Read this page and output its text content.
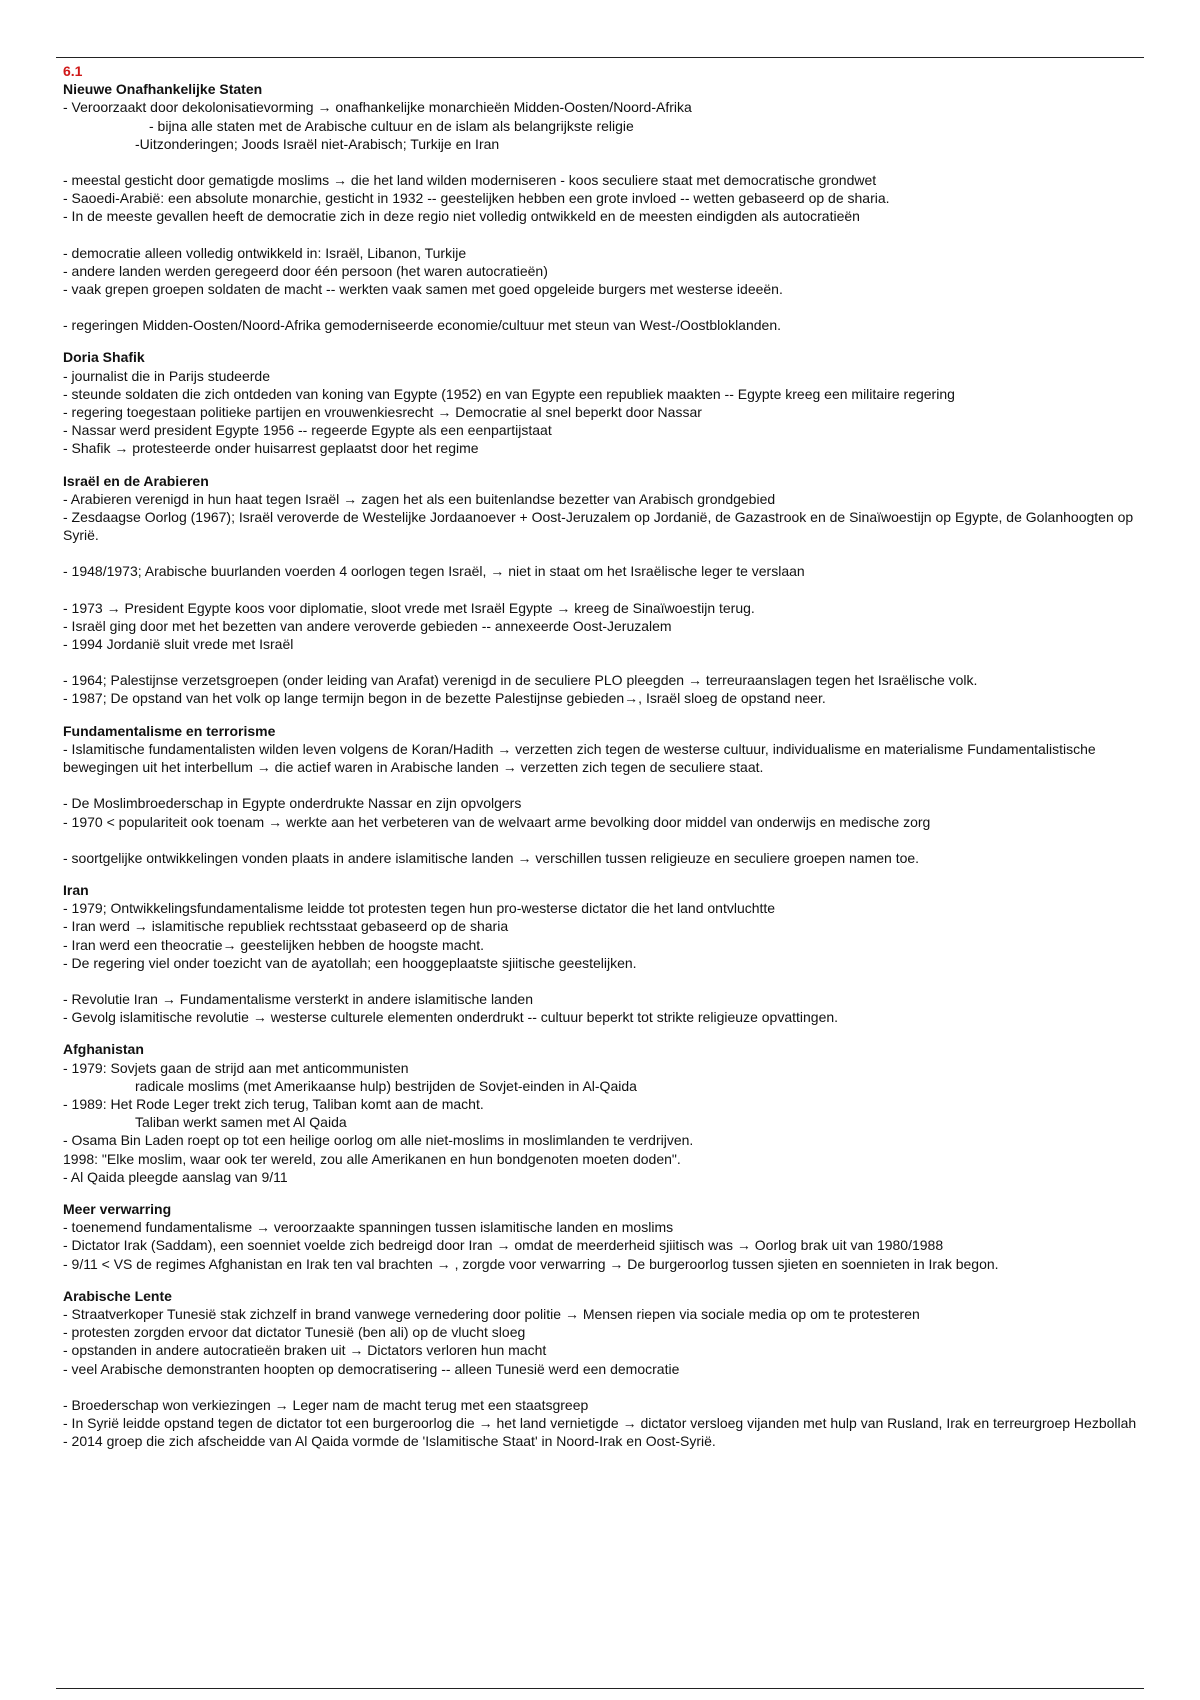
6.1
Nieuwe Onafhankelijke Staten
- Veroorzaakt door dekolonisatievorming → onafhankelijke monarchieën Midden-Oosten/Noord-Afrika
- bijna alle staten met de Arabische cultuur en de islam als belangrijkste religie
-Uitzonderingen; Joods Israël niet-Arabisch; Turkije en Iran
- meestal gesticht door gematigde moslims → die het land wilden moderniseren - koos seculiere staat met democratische grondwet
- Saoedi-Arabië: een absolute monarchie, gesticht in 1932 -- geestelijken hebben een grote invloed -- wetten gebaseerd op de sharia.
- In de meeste gevallen heeft de democratie zich in deze regio niet volledig ontwikkeld en de meesten eindigden als autocratieën
- democratie alleen volledig ontwikkeld in: Israël, Libanon, Turkije
- andere landen werden geregeerd door één persoon (het waren autocratieën)
- vaak grepen groepen soldaten de macht -- werkten vaak samen met goed opgeleide burgers met westerse ideeën.
- regeringen Midden-Oosten/Noord-Afrika gemoderniseerde economie/cultuur met steun van West-/Oostbloklanden.
Doria Shafik
- journalist die in Parijs studeerde
- steunde soldaten die zich ontdeden van koning van Egypte (1952) en van Egypte een republiek maakten -- Egypte kreeg een militaire regering
- regering toegestaan politieke partijen en vrouwenkiesrecht → Democratie al snel beperkt door Nassar
- Nassar werd president Egypte 1956 -- regeerde Egypte als een eenpartijstaat
- Shafik → protesteerde onder huisarrest geplaatst door het regime
Israël en de Arabieren
- Arabieren verenigd in hun haat tegen Israël → zagen het als een buitenlandse bezetter van Arabisch grondgebied
- Zesdaagse Oorlog (1967); Israël veroverde de Westelijke Jordaanoever + Oost-Jeruzalem op Jordanië, de Gazastrook en de Sinaïwoestijn op Egypte, de Golanhoogten op Syrië.
- 1948/1973; Arabische buurlanden voerden 4 oorlogen tegen Israël, → niet in staat om het Israëlische leger te verslaan
- 1973 → President Egypte koos voor diplomatie, sloot vrede met Israël Egypte → kreeg de Sinaïwoestijn terug.
- Israël ging door met het bezetten van andere veroverde gebieden -- annexeerde Oost-Jeruzalem
- 1994 Jordanië sluit vrede met Israël
- 1964; Palestijnse verzetsgroepen (onder leiding van Arafat) verenigd in de seculiere PLO pleegden → terreuraanslagen tegen het Israëlische volk.
- 1987; De opstand van het volk op lange termijn begon in de bezette Palestijnse gebieden→, Israël sloeg de opstand neer.
Fundamentalisme en terrorisme
- Islamitische fundamentalisten wilden leven volgens de Koran/Hadith → verzetten zich tegen de westerse cultuur, individualisme en materialisme Fundamentalistische bewegingen uit het interbellum → die actief waren in Arabische landen → verzetten zich tegen de seculiere staat.
- De Moslimbroederschap in Egypte onderdrukte Nassar en zijn opvolgers
- 1970 < populariteit ook toenam → werkte aan het verbeteren van de welvaart arme bevolking door middel van onderwijs en medische zorg
- soortgelijke ontwikkelingen vonden plaats in andere islamitische landen → verschillen tussen religieuze en seculiere groepen namen toe.
Iran
- 1979; Ontwikkelingsfundamentalisme leidde tot protesten tegen hun pro-westerse dictator die het land ontvluchtte
- Iran werd → islamitische republiek rechtsstaat gebaseerd op de sharia
- Iran werd een theocratie→ geestelijken hebben de hoogste macht.
- De regering viel onder toezicht van de ayatollah; een hooggeplaatste sjiitische geestelijken.
- Revolutie Iran → Fundamentalisme versterkt in andere islamitische landen
- Gevolg islamitische revolutie → westerse culturele elementen onderdrukt -- cultuur beperkt tot strikte religieuze opvattingen.
Afghanistan
- 1979: Sovjets gaan de strijd aan met anticommunisten
radicale moslims (met Amerikaanse hulp) bestrijden de Sovjet-einden in Al-Qaida
- 1989: Het Rode Leger trekt zich terug, Taliban komt aan de macht.
Taliban werkt samen met Al Qaida
- Osama Bin Laden roept op tot een heilige oorlog om alle niet-moslims in moslimlanden te verdrijven.
1998: "Elke moslim, waar ook ter wereld, zou alle Amerikanen en hun bondgenoten moeten doden".
- Al Qaida pleegde aanslag van 9/11
Meer verwarring
- toenemend fundamentalisme → veroorzaakte spanningen tussen islamitische landen en moslims
- Dictator Irak (Saddam), een soenniet voelde zich bedreigd door Iran → omdat de meerderheid sjiitisch was → Oorlog brak uit van 1980/1988
- 9/11 < VS de regimes Afghanistan en Irak ten val brachten → , zorgde voor verwarring → De burgeroorlog tussen sjieten en soennieten in Irak begon.
Arabische Lente
- Straatverkoper Tunesië stak zichzelf in brand vanwege vernedering door politie → Mensen riepen via sociale media op om te protesteren
- protesten zorgden ervoor dat dictator Tunesië (ben ali) op de vlucht sloeg
- opstanden in andere autocratieën braken uit → Dictators verloren hun macht
- veel Arabische demonstranten hoopten op democratisering -- alleen Tunesië werd een democratie
- Broederschap won verkiezingen → Leger nam de macht terug met een staatsgreep
- In Syrië leidde opstand tegen de dictator tot een burgeroorlog die → het land vernietigde → dictator versloeg vijanden met hulp van Rusland, Irak en terreurgroep Hezbollah
- 2014 groep die zich afscheidde van Al Qaida vormde de 'Islamitische Staat' in Noord-Irak en Oost-Syrië.
